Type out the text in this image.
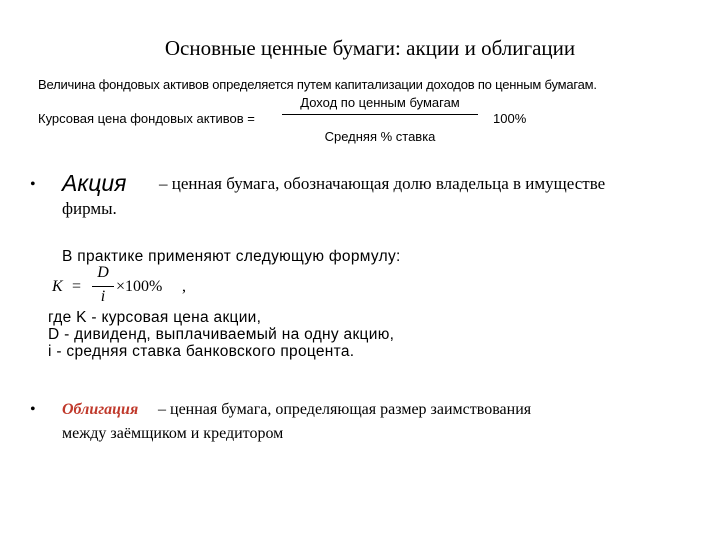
Основные ценные бумаги: акции и облигации
Величина фондовых активов определяется путем капитализации доходов по ценным бумагам.
Курсовая цена фондовых активов =
Доход по ценным бумагам
Средняя % ставка
100%
• Акция – ценная бумага, обозначающая долю владельца в имуществе
фирмы.
В практике применяют следующую формулу:
K =
D
i
×100% ,
где K - курсовая цена акции,
D - дивиденд, выплачиваемый на одну акцию,
i - средняя ставка банковского процента.
• Облигация – ценная бумага, определяющая размер заимствования
между заёмщиком и кредитором
